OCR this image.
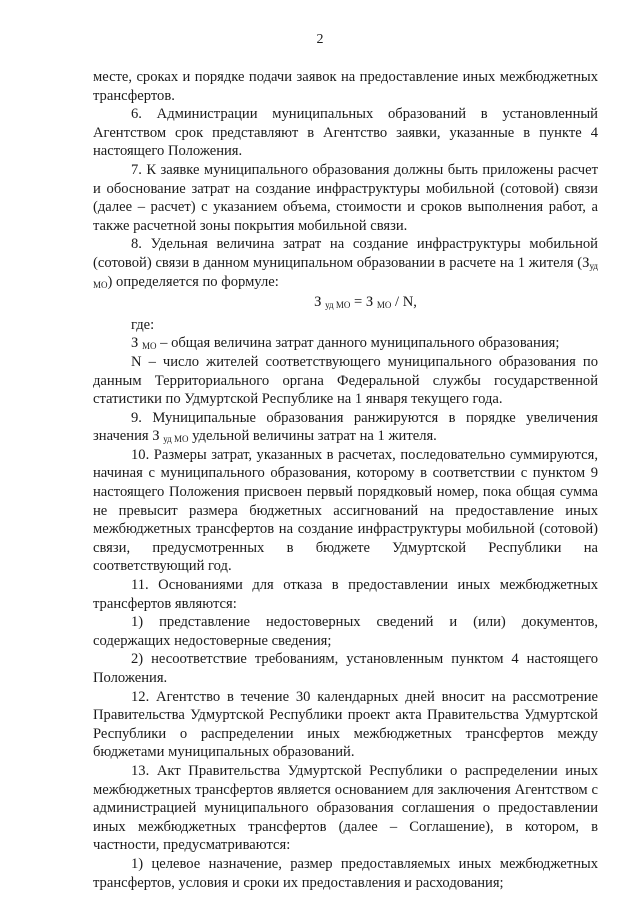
2

месте, сроках и порядке подачи заявок на предоставление иных межбюджетных трансфертов.

6. Администрации муниципальных образований в установленный Агентством срок представляют в Агентство заявки, указанные в пункте 4 настоящего Положения.

7. К заявке муниципального образования должны быть приложены расчет и обоснование затрат на создание инфраструктуры мобильной (сотовой) связи (далее – расчет) с указанием объема, стоимости и сроков выполнения работ, а также расчетной зоны покрытия мобильной связи.

8. Удельная величина затрат на создание инфраструктуры мобильной (сотовой) связи в данном муниципальном образовании в расчете на 1 жителя $(З_{уд МО})$ определяется по формуле:

З $_{уд МО}$ = З $_{МО}$ / N,

где:

З $_{МО}$ – общая величина затрат данного муниципального образования;

N – число жителей соответствующего муниципального образования по данным Территориального органа Федеральной службы государственной статистики по Удмуртской Республике на 1 января текущего года.

9. Муниципальные образования ранжируются в порядке увеличения значения З $_{уд МО}$ удельной величины затрат на 1 жителя.

10. Размеры затрат, указанных в расчетах, последовательно суммируются, начиная с муниципального образования, которому в соответствии с пунктом 9 настоящего Положения присвоен первый порядковый номер, пока общая сумма не превысит размера бюджетных ассигнований на предоставление иных межбюджетных трансфертов на создание инфраструктуры мобильной (сотовой) связи, предусмотренных в бюджете Удмуртской Республики на соответствующий год.

11. Основаниями для отказа в предоставлении иных межбюджетных трансфертов являются:

1) представление недостоверных сведений и (или) документов, содержащих недостоверные сведения;

2) несоответствие требованиям, установленным пунктом 4 настоящего Положения.

12. Агентство в течение 30 календарных дней вносит на рассмотрение Правительства Удмуртской Республики проект акта Правительства Удмуртской Республики о распределении иных межбюджетных трансфертов между бюджетами муниципальных образований.

13. Акт Правительства Удмуртской Республики о распределении иных межбюджетных трансфертов является основанием для заключения Агентством с администрацией муниципального образования соглашения о предоставлении иных межбюджетных трансфертов (далее – Соглашение), в котором, в частности, предусматриваются:

1) целевое назначение, размер предоставляемых иных межбюджетных трансфертов, условия и сроки их предоставления и расходования;
